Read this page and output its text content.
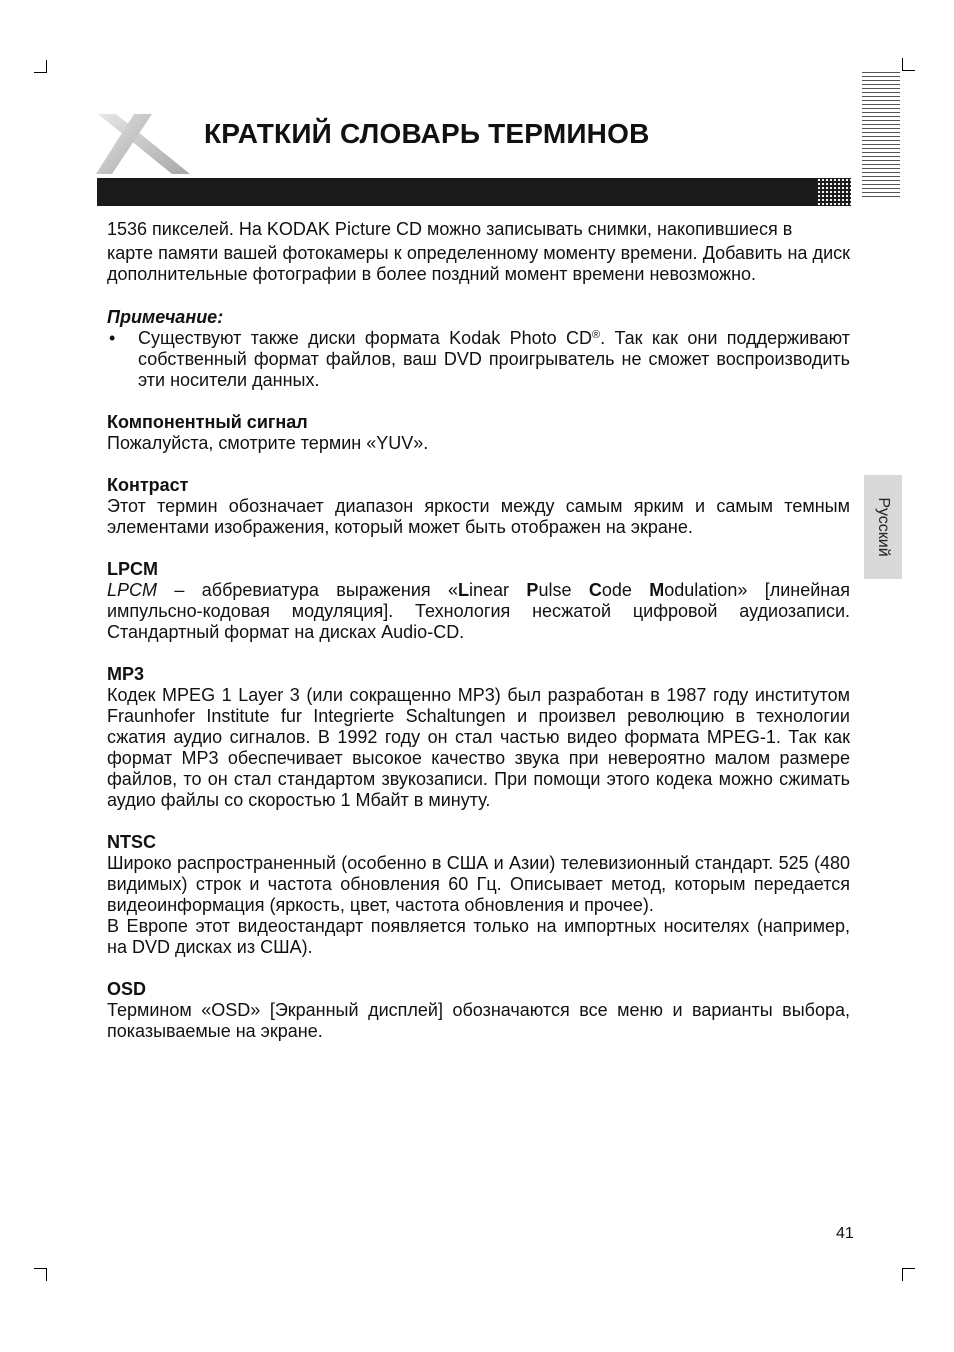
КРАТКИЙ СЛОВАРЬ ТЕРМИНОВ
Русский

1536 пикселей. На KODAK Picture CD можно записывать снимки, накопившиеся в

карте памяти вашей фотокамеры к определенному моменту времени. Добавить на диск дополнительные фотографии в более поздний момент времени невозможно.

Примечание:

• Существуют также диски формата Kodak Photo CD®. Так как они поддерживают собственный формат файлов, ваш DVD проигрыватель не сможет воспроизводить эти носители данных.

Компонентный сигнал

Пожалуйста, смотрите термин «YUV».

Контраст

Этот термин обозначает диапазон яркости между самым ярким и самым темным элементами изображения, который может быть отображен на экране.

LPCM

LPCM – аббревиатура выражения «Linear Pulse Code Modulation» [линейная импульсно-кодовая модуляция]. Технология несжатой цифровой аудиозаписи. Стандартный формат на дисках Audio-CD.

MP3

Кодек MPEG 1 Layer 3 (или сокращенно MP3) был разработан в 1987 году институтом Fraunhofer Institute fur Integrierte Schaltungen и произвел революцию в технологии сжатия аудио сигналов. В 1992 году он стал частью видео формата MPEG-1. Так как формат MP3 обеспечивает высокое качество звука при невероятно малом размере файлов, то он стал стандартом звукозаписи. При помощи этого кодека можно сжимать аудио файлы со скоростью 1 Мбайт в минуту.

NTSC

Широко распространенный (особенно в США и Азии) телевизионный стандарт. 525 (480 видимых) строк и частота обновления 60 Гц. Описывает метод, которым передается видеоинформация (яркость, цвет, частота обновления и прочее).

В Европе этот видеостандарт появляется только на импортных носителях (например, на DVD дисках из США).

OSD

Термином «OSD» [Экранный дисплей] обозначаются все меню и варианты выбора, показываемые на экране.

41
